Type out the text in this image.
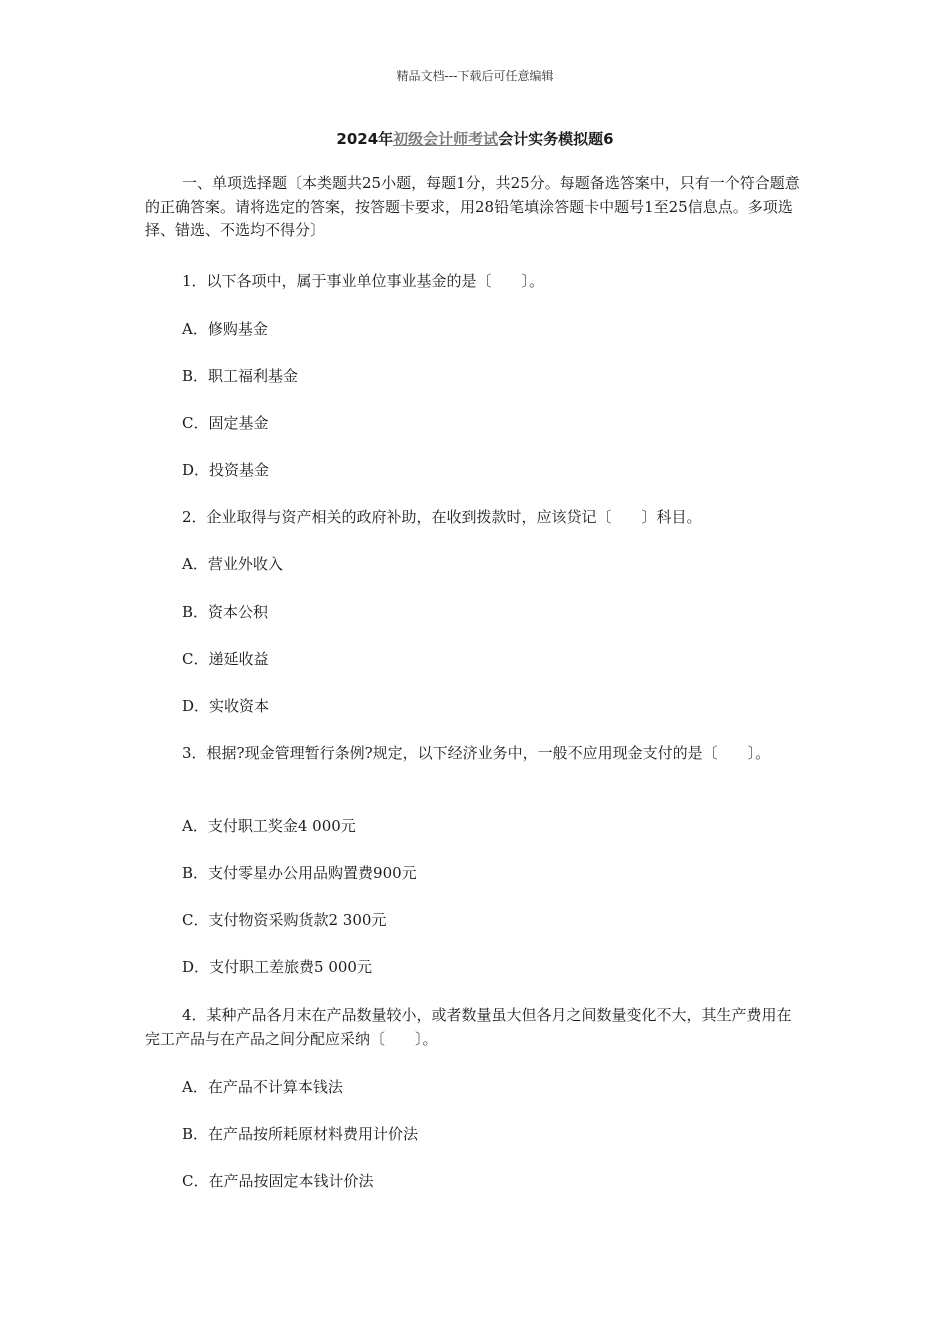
精品文档---下载后可任意编辑
2024年初级会计师考试会计实务模拟题6

一、单项选择题〔本类题共25小题，每题1分，共25分。每题备选答案中，只有一个符合题意的正确答案。请将选定的答案，按答题卡要求，用28铅笔填涂答题卡中题号1至25信息点。多项选择、错选、不选均不得分〕

1．以下各项中，属于事业单位事业基金的是〔　　〕。

A．修购基金
B．职工福利基金
C．固定基金
D．投资基金

2．企业取得与资产相关的政府补助，在收到拨款时，应该贷记〔　　〕科目。

A．营业外收入
B．资本公积
C．递延收益
D．实收资本

3．根据?现金管理暂行条例?规定，以下经济业务中，一般不应用现金支付的是〔　　〕。

A．支付职工奖金4 000元
B．支付零星办公用品购置费900元
C．支付物资采购货款2 300元
D．支付职工差旅费5 000元

4．某种产品各月末在产品数量较小，或者数量虽大但各月之间数量变化不大，其生产费用在完工产品与在产品之间分配应采纳〔　　〕。

A．在产品不计算本钱法
B．在产品按所耗原材料费用计价法
C．在产品按固定本钱计价法
